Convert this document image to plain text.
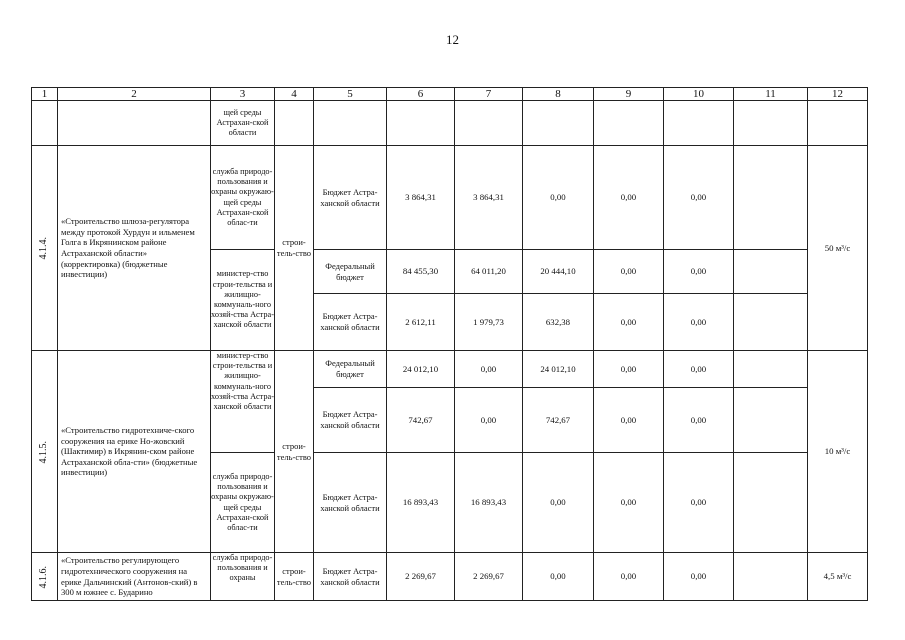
12
1	2	3	4	5	6	7	8	9	10	11	12
		щей среды Астрахан-ской области									
4.1.4.	«Строительство шлюза-регулятора между протокой Хурдун и ильменем Голга в Икрянинском районе Астраханской области» (корректировка) (бюджетные инвестиции)	служба природо-пользования и охраны окружаю-щей среды Астрахан-ской облас-ти	строи-тель-ство	Бюджет Астра-ханской области	3 864,31	3 864,31	0,00	0,00	0,00		50 м³/с
		министер-ство строи-тельства и жилищно-коммуналь-ного хозяй-ства Астра-ханской области		Федеральный бюджет	84 455,30	64 011,20	20 444,10	0,00	0,00		
				Бюджет Астра-ханской области	2 612,11	1 979,73	632,38	0,00	0,00		
4.1.5.	«Строительство гидротехниче-ского сооружения на ерике Но-жовский (Шактимир) в Икрянин-ском районе Астраханской обла-сти» (бюджетные инвестиции)	министер-ство строи-тельства и жилищно-коммуналь-ного хозяй-ства Астра-ханской области	строи-тель-ство	Федеральный бюджет	24 012,10	0,00	24 012,10	0,00	0,00		10 м³/с
				Бюджет Астра-ханской области	742,67	0,00	742,67	0,00	0,00		
		служба природо-пользования и охраны окружаю-щей среды Астрахан-ской облас-ти		Бюджет Астра-ханской области	16 893,43	16 893,43	0,00	0,00	0,00		
4.1.6.	«Строительство регулирующего гидротехнического сооружения на ерике Дальчинский (Антонов-ский) в 300 м южнее с. Бударино	служба природо-пользования и охраны	строи-тель-ство	Бюджет Астра-ханской области	2 269,67	2 269,67	0,00	0,00	0,00		4,5 м³/с
